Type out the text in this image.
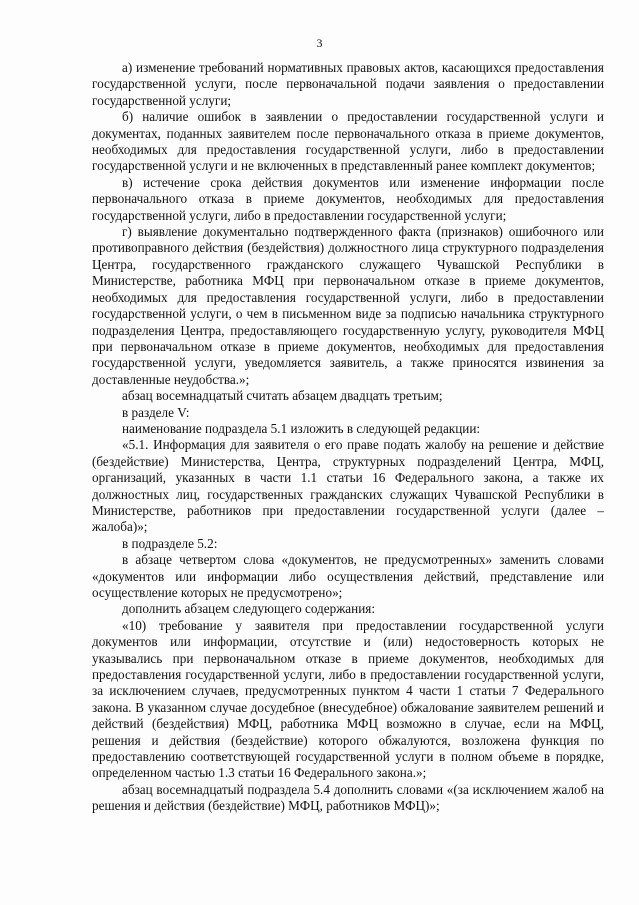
3

а) изменение требований нормативных правовых актов, касающихся предоставления государственной услуги, после первоначальной подачи заявления о предоставлении государственной услуги;

б) наличие ошибок в заявлении о предоставлении государственной услуги и документах, поданных заявителем после первоначального отказа в приеме документов, необходимых для предоставления государственной услуги, либо в предоставлении государственной услуги и не включенных в представленный ранее комплект документов;

в) истечение срока действия документов или изменение информации после первоначального отказа в приеме документов, необходимых для предоставления государственной услуги, либо в предоставлении государственной услуги;

г) выявление документально подтвержденного факта (признаков) ошибочного или противоправного действия (бездействия) должностного лица структурного подразделения Центра, государственного гражданского служащего Чувашской Республики в Министерстве, работника МФЦ при первоначальном отказе в приеме документов, необходимых для предоставления государственной услуги, либо в предоставлении государственной услуги, о чем в письменном виде за подписью начальника структурного подразделения Центра, предоставляющего государственную услугу, руководителя МФЦ при первоначальном отказе в приеме документов, необходимых для предоставления государственной услуги, уведомляется заявитель, а также приносятся извинения за доставленные неудобства.»;

абзац восемнадцатый считать абзацем двадцать третьим;

в разделе V:

наименование подраздела 5.1 изложить в следующей редакции:

«5.1. Информация для заявителя о его праве подать жалобу на решение и действие (бездействие) Министерства, Центра, структурных подразделений Центра, МФЦ, организаций, указанных в части 1.1 статьи 16 Федерального закона, а также их должностных лиц, государственных гражданских служащих Чувашской Республики в Министерстве, работников при предоставлении государственной услуги (далее – жалоба)»;

в подразделе 5.2:

в абзаце четвертом слова «документов, не предусмотренных» заменить словами «документов или информации либо осуществления действий, представление или осуществление которых не предусмотрено»;

дополнить абзацем следующего содержания:

«10) требование у заявителя при предоставлении государственной услуги документов или информации, отсутствие и (или) недостоверность которых не указывались при первоначальном отказе в приеме документов, необходимых для предоставления государственной услуги, либо в предоставлении государственной услуги, за исключением случаев, предусмотренных пунктом 4 части 1 статьи 7 Федерального закона. В указанном случае досудебное (внесудебное) обжалование заявителем решений и действий (бездействия) МФЦ, работника МФЦ возможно в случае, если на МФЦ, решения и действия (бездействие) которого обжалуются, возложена функция по предоставлению соответствующей государственной услуги в полном объеме в порядке, определенном частью 1.3 статьи 16 Федерального закона.»;

абзац восемнадцатый подраздела 5.4 дополнить словами «(за исключением жалоб на решения и действия (бездействие) МФЦ, работников МФЦ)»;
